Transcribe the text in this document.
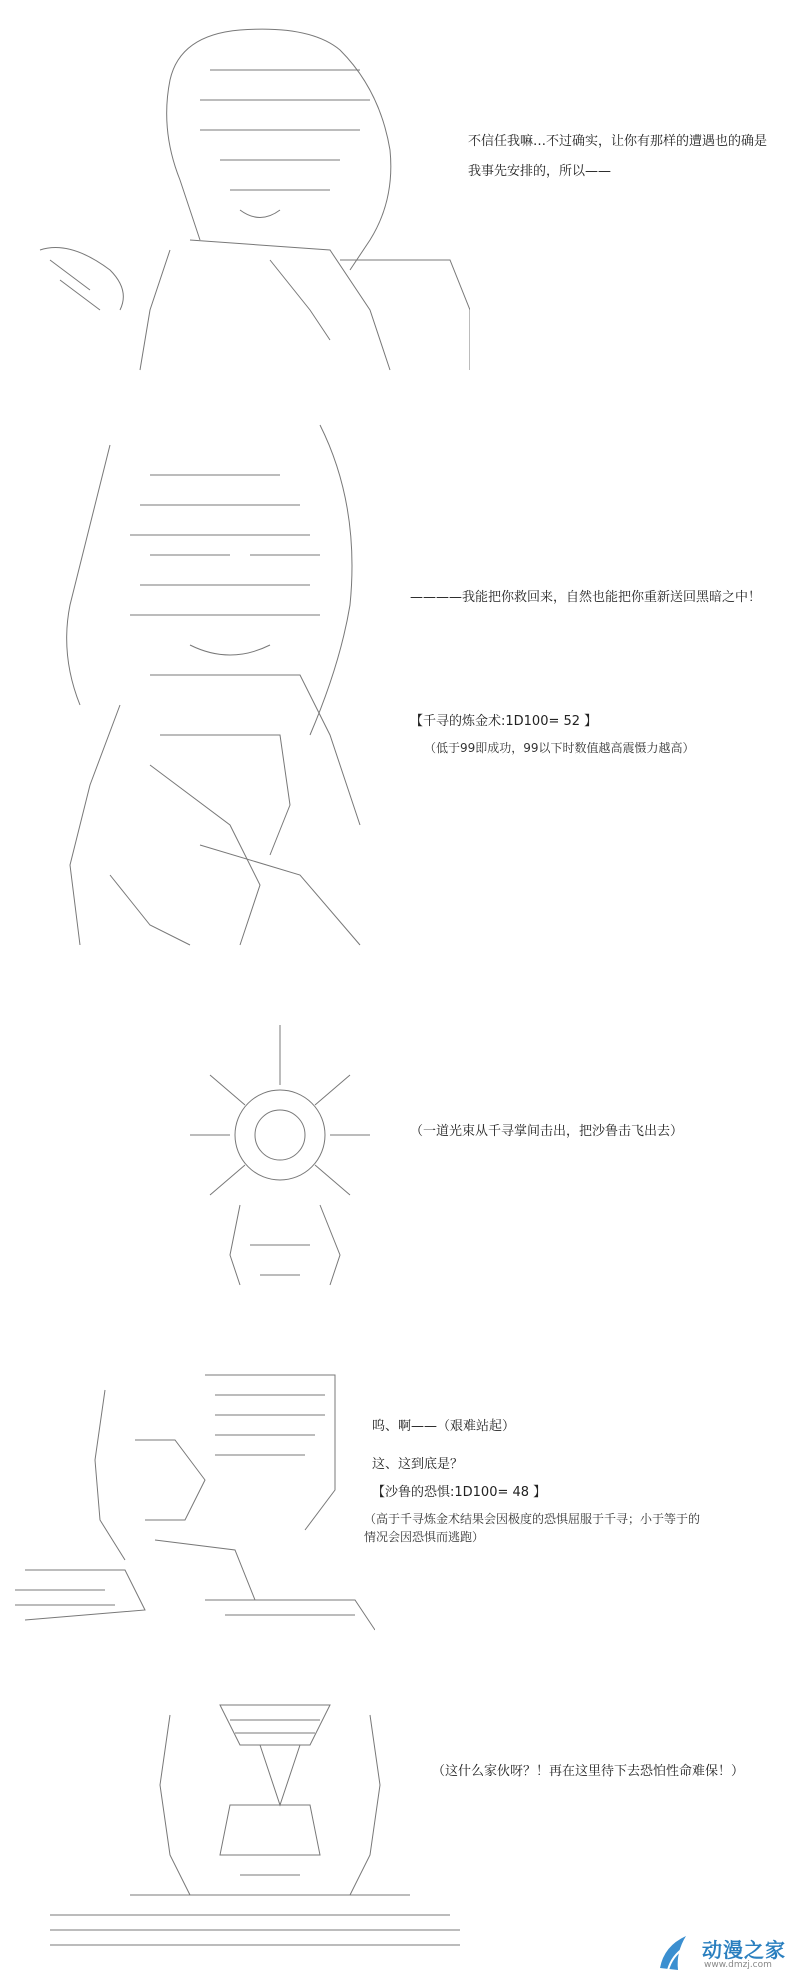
不信任我嘛…不过确实，让你有那样的遭遇也的确是
我事先安排的，所以——
————我能把你救回来，自然也能把你重新送回黑暗之中！
【千寻的炼金术:1D100= 52 】
（低于99即成功，99以下时数值越高震慑力越高）
（一道光束从千寻掌间击出，把沙鲁击飞出去）
呜、啊——（艰难站起）
这、这到底是？
【沙鲁的恐惧:1D100= 48 】
（高于千寻炼金术结果会因极度的恐惧屈服于千寻；小于等于的
情况会因恐惧而逃跑）
（这什么家伙呀？！再在这里待下去恐怕性命难保！）
动漫之家
www.dmzj.com
